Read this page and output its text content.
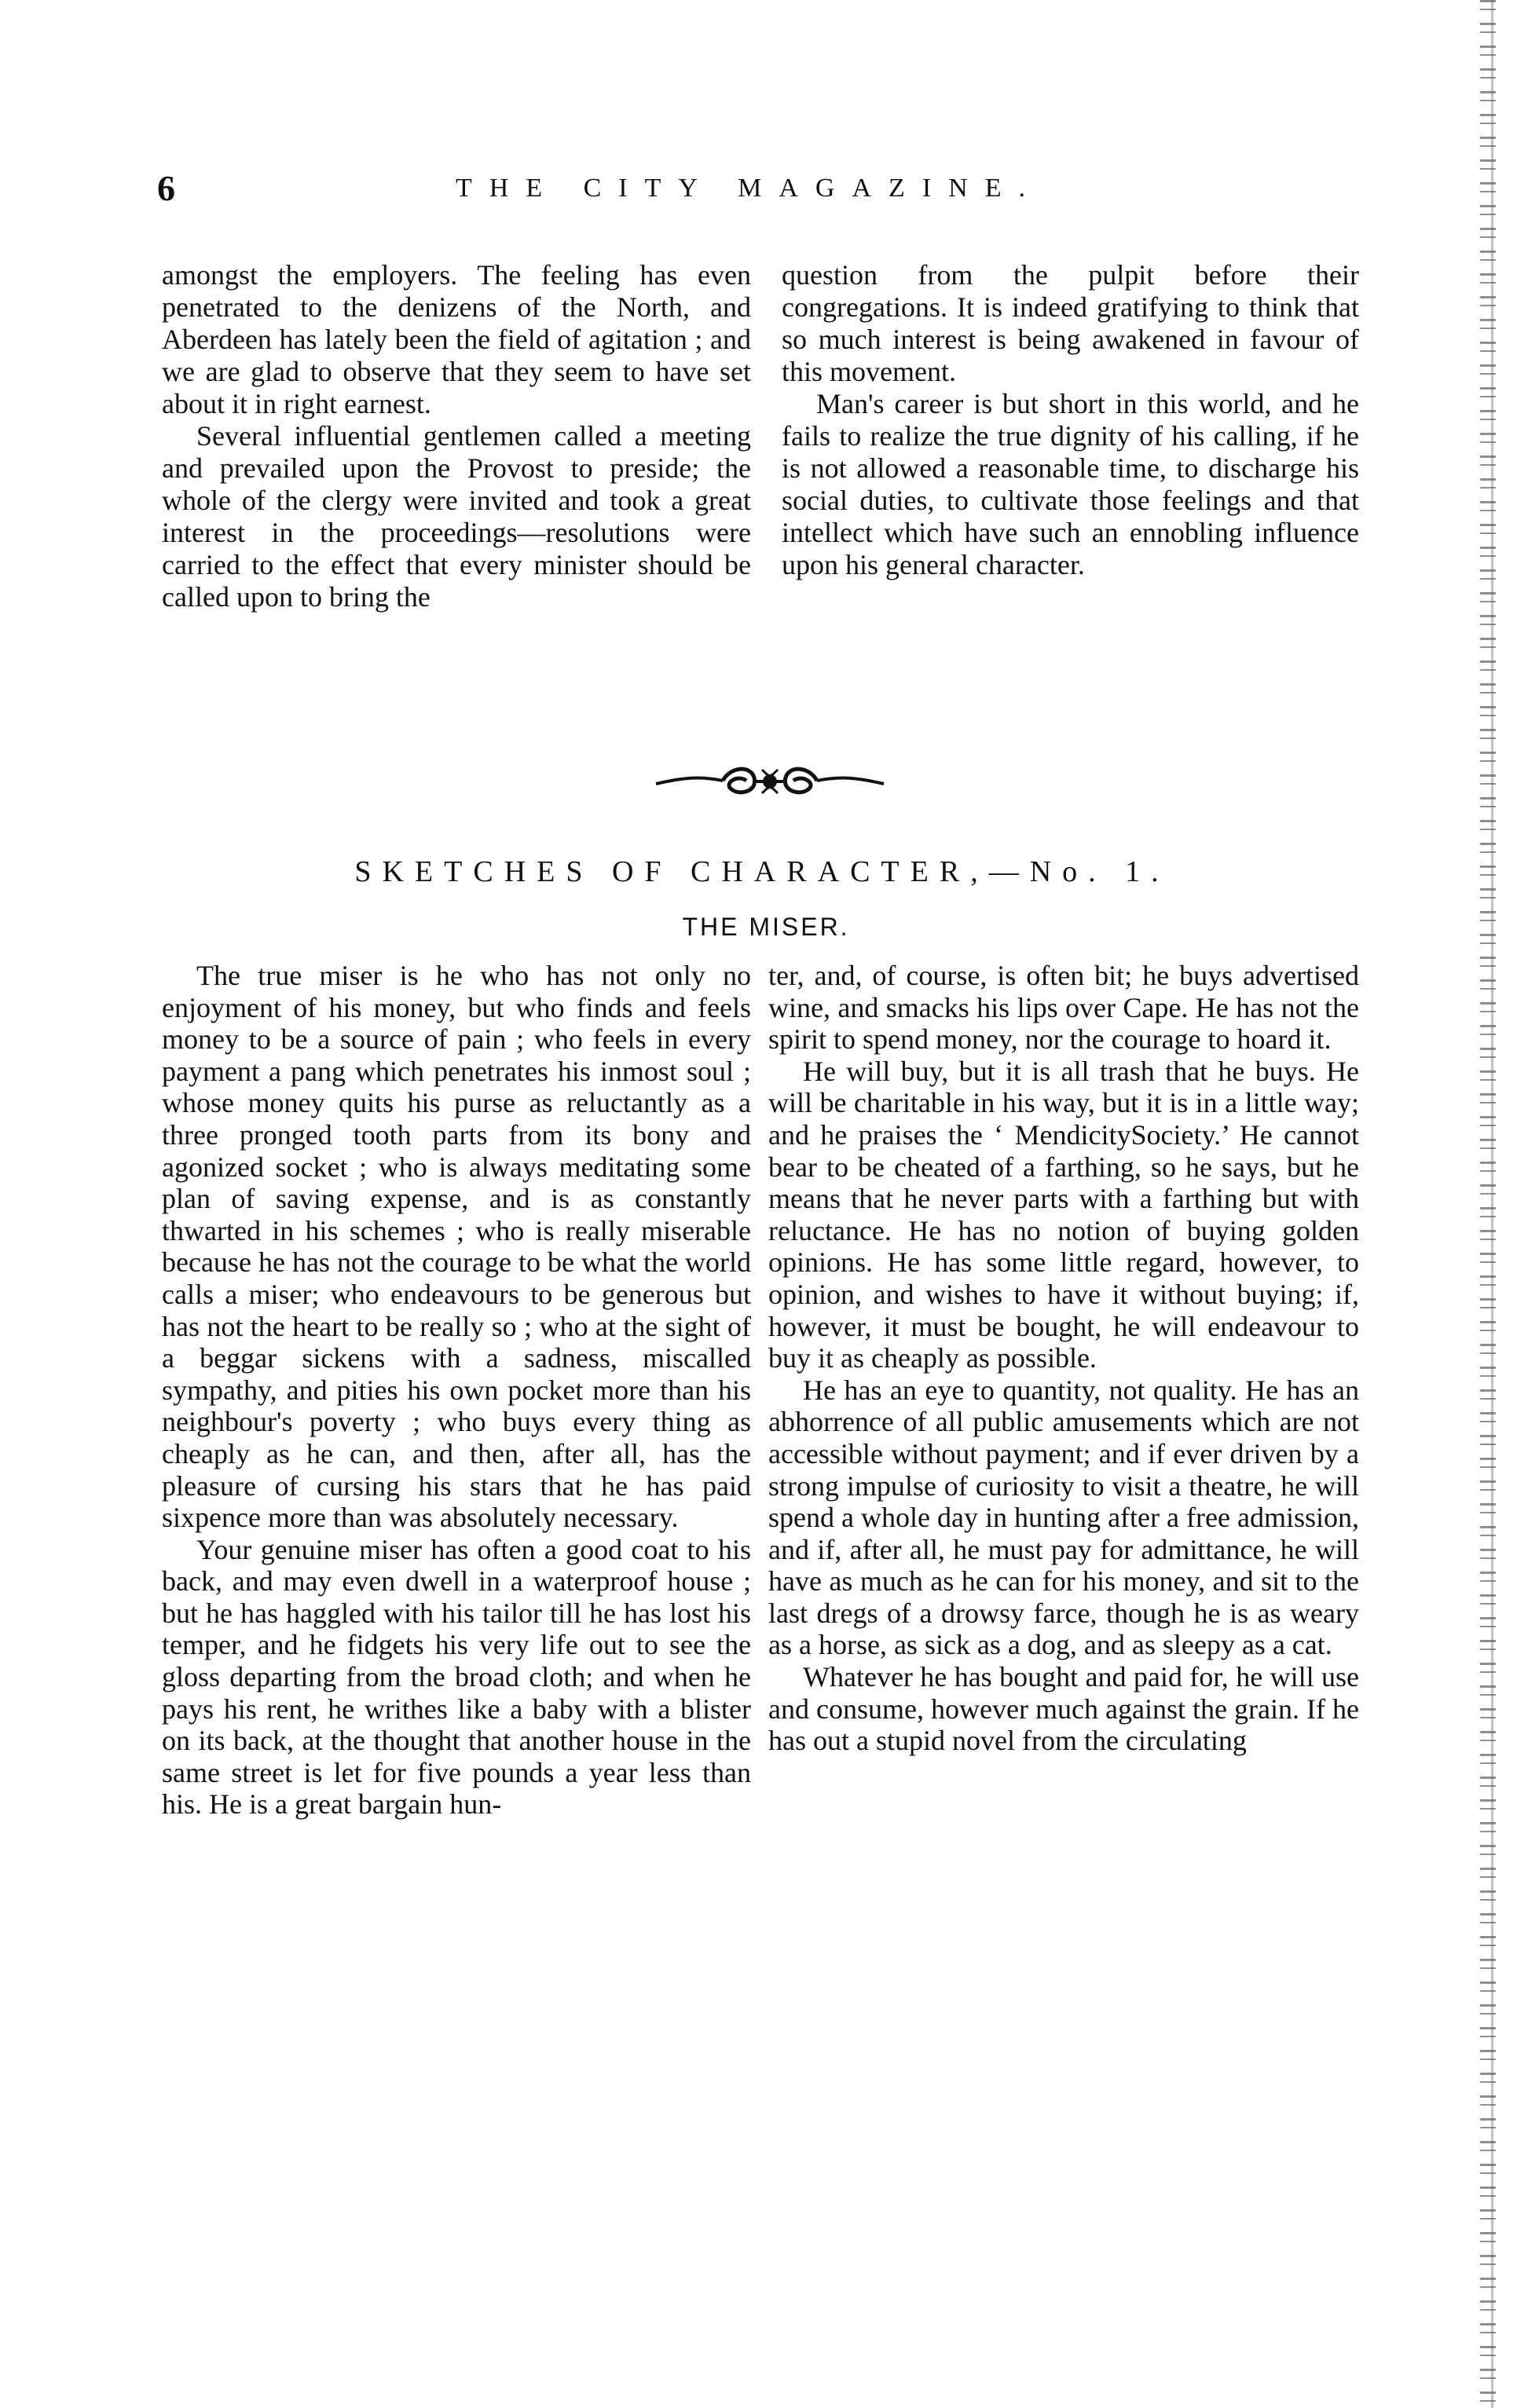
6	THE CITY MAGAZINE.

amongst the employers. The feeling has even penetrated to the denizens of the North, and Aberdeen has lately been the field of agitation ; and we are glad to observe that they seem to have set about it in right earnest.

Several influential gentlemen called a meeting and prevailed upon the Provost to preside; the whole of the clergy were invited and took a great interest in the proceedings—resolutions were carried to the effect that every minister should be called upon to bring the

question from the pulpit before their congregations. It is indeed gratifying to think that so much interest is being awakened in favour of this movement.

Man's career is but short in this world, and he fails to realize the true dignity of his calling, if he is not allowed a reasonable time, to discharge his social duties, to cultivate those feelings and that intellect which have such an ennobling influence upon his general character.

SKETCHES OF CHARACTER,—No. 1.
THE MISER.

The true miser is he who has not only no enjoyment of his money, but who finds and feels money to be a source of pain ; who feels in every payment a pang which penetrates his inmost soul ; whose money quits his purse as reluctantly as a three pronged tooth parts from its bony and agonized socket ; who is always meditating some plan of saving expense, and is as constantly thwarted in his schemes ; who is really miserable because he has not the courage to be what the world calls a miser; who endeavours to be generous but has not the heart to be really so ; who at the sight of a beggar sickens with a sadness, miscalled sympathy, and pities his own pocket more than his neighbour's poverty ; who buys every thing as cheaply as he can, and then, after all, has the pleasure of cursing his stars that he has paid sixpence more than was absolutely necessary.

Your genuine miser has often a good coat to his back, and may even dwell in a waterproof house ; but he has haggled with his tailor till he has lost his temper, and he fidgets his very life out to see the gloss departing from the broad cloth; and when he pays his rent, he writhes like a baby with a blister on its back, at the thought that another house in the same street is let for five pounds a year less than his. He is a great bargain hun-

ter, and, of course, is often bit; he buys advertised wine, and smacks his lips over Cape. He has not the spirit to spend money, nor the courage to hoard it.

He will buy, but it is all trash that he buys. He will be charitable in his way, but it is in a little way; and he praises the ‘ MendicitySociety.’ He cannot bear to be cheated of a farthing, so he says, but he means that he never parts with a farthing but with reluctance. He has no notion of buying golden opinions. He has some little regard, however, to opinion, and wishes to have it without buying; if, however, it must be bought, he will endeavour to buy it as cheaply as possible.

He has an eye to quantity, not quality. He has an abhorrence of all public amusements which are not accessible without payment; and if ever driven by a strong impulse of curiosity to visit a theatre, he will spend a whole day in hunting after a free admission, and if, after all, he must pay for admittance, he will have as much as he can for his money, and sit to the last dregs of a drowsy farce, though he is as weary as a horse, as sick as a dog, and as sleepy as a cat.

Whatever he has bought and paid for, he will use and consume, however much against the grain. If he has out a stupid novel from the circulating
